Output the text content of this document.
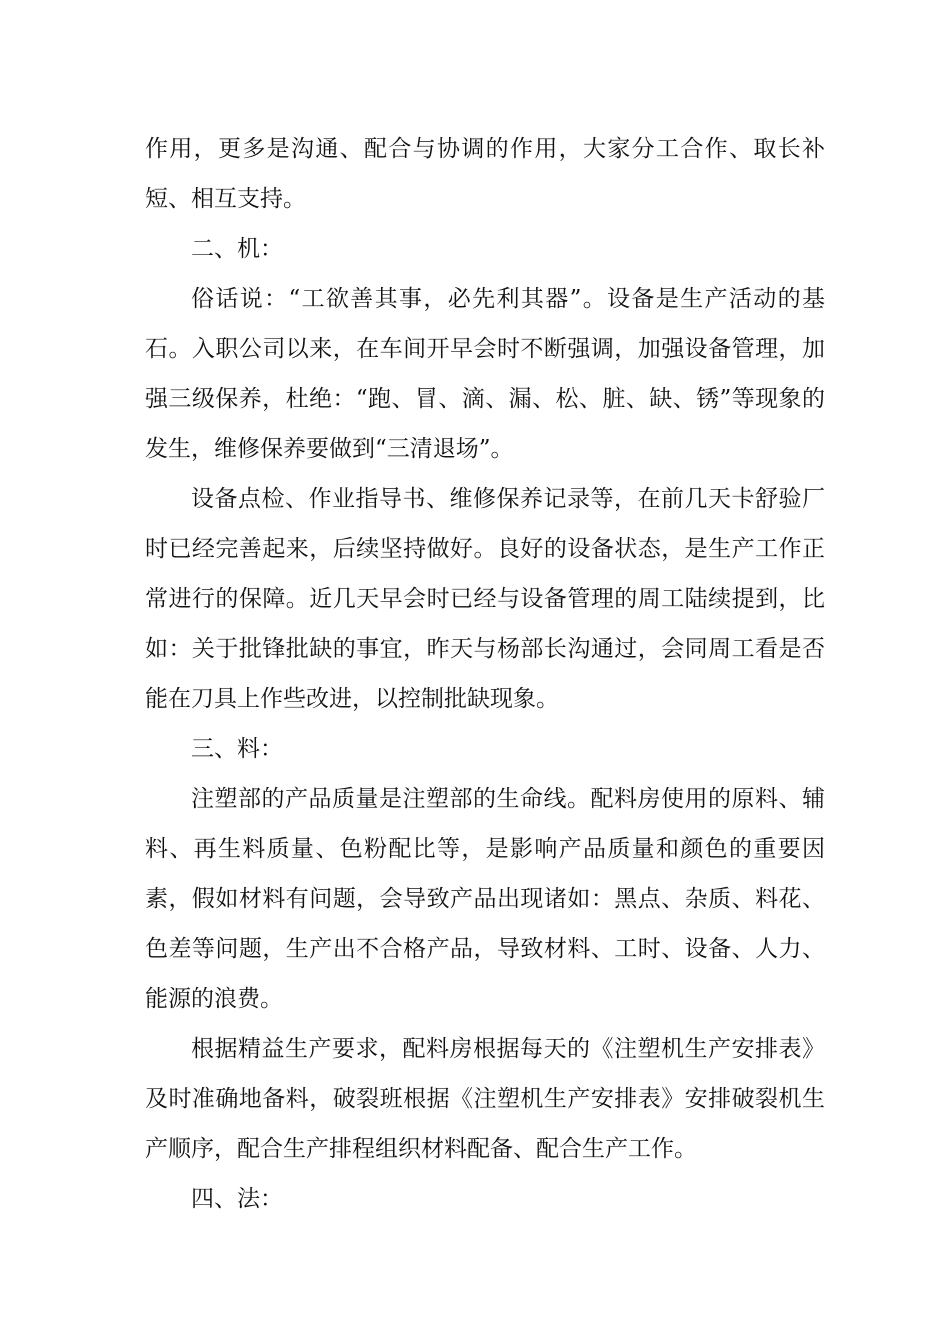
作用，更多是沟通、配合与协调的作用，大家分工合作、取长补短、相互支持。

二、机：

俗话说：“工欲善其事，必先利其器”。设备是生产活动的基石。入职公司以来，在车间开早会时不断强调，加强设备管理，加强三级保养，杜绝：“跑、冒、滴、漏、松、脏、缺、锈”等现象的发生，维修保养要做到“三清退场”。

设备点检、作业指导书、维修保养记录等，在前几天卡舒验厂时已经完善起来，后续坚持做好。良好的设备状态，是生产工作正常进行的保障。近几天早会时已经与设备管理的周工陆续提到，比如：关于批锋批缺的事宜，昨天与杨部长沟通过，会同周工看是否能在刀具上作些改进，以控制批缺现象。

三、料：

注塑部的产品质量是注塑部的生命线。配料房使用的原料、辅料、再生料质量、色粉配比等，是影响产品质量和颜色的重要因素，假如材料有问题，会导致产品出现诸如：黑点、杂质、料花、色差等问题，生产出不合格产品，导致材料、工时、设备、人力、能源的浪费。

根据精益生产要求，配料房根据每天的《注塑机生产安排表》及时准确地备料，破裂班根据《注塑机生产安排表》安排破裂机生产顺序，配合生产排程组织材料配备、配合生产工作。

四、法：
